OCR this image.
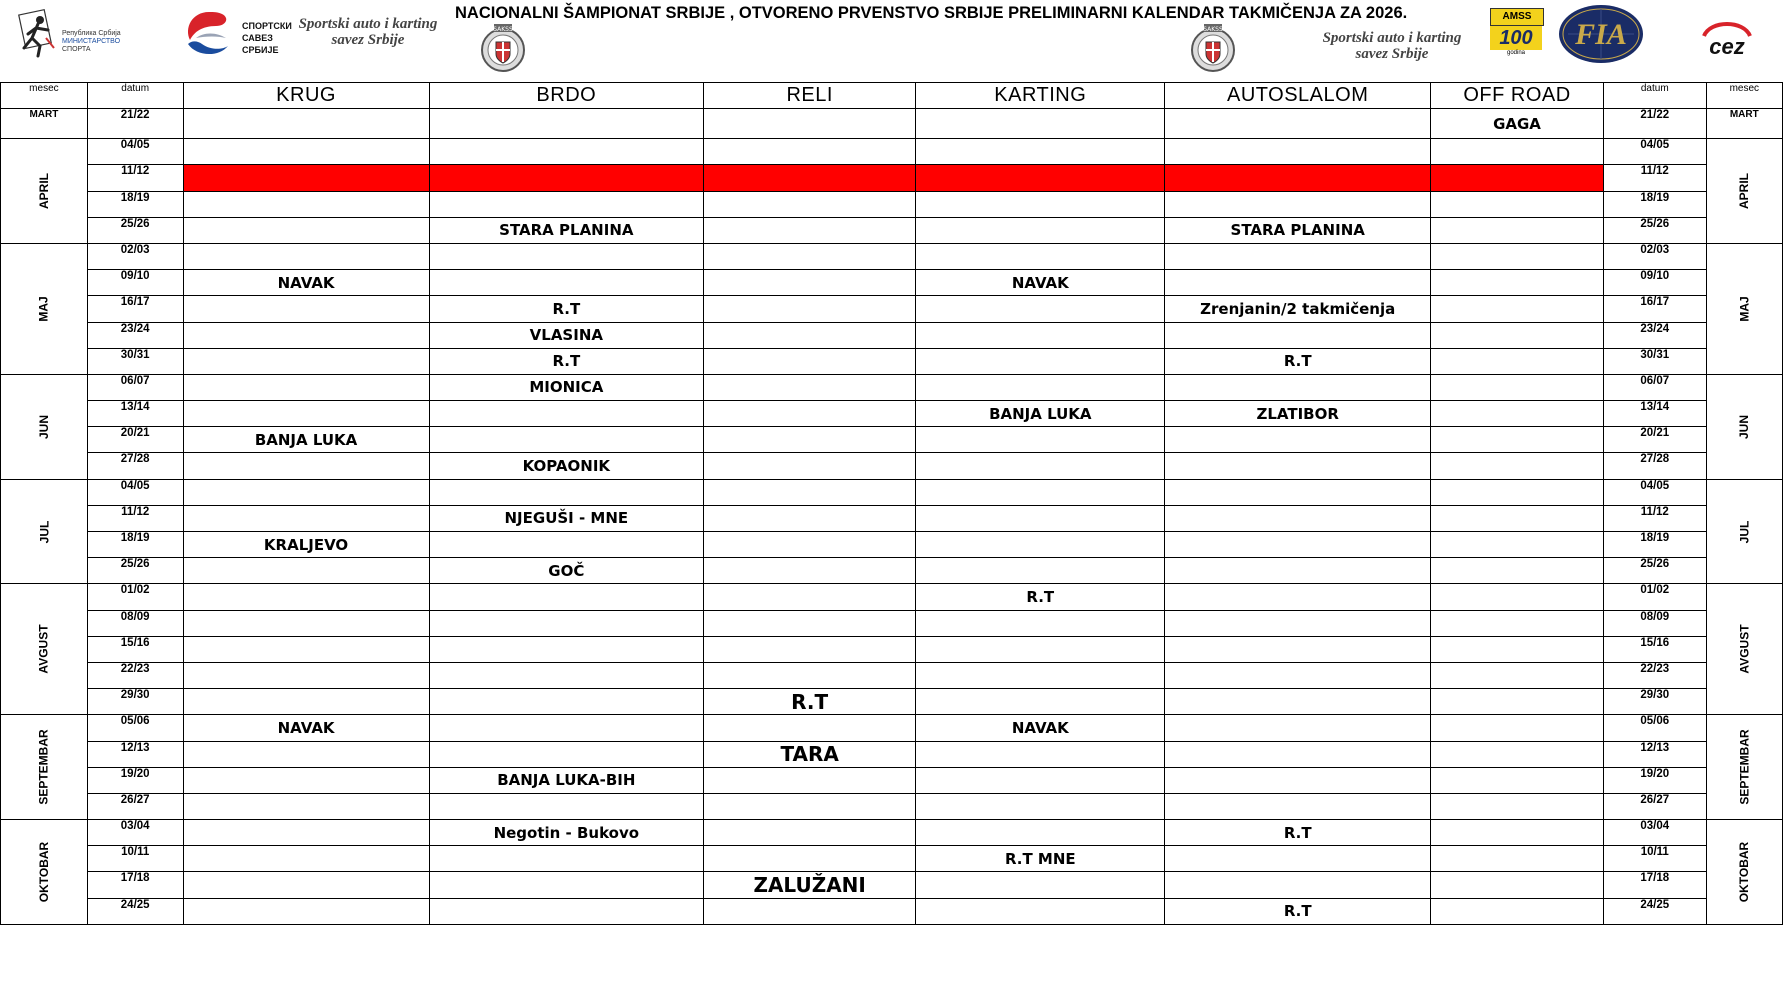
Република Србија
МИНИСТАРСТВО
СПОРТА
СПОРТСКИ
САВЕЗ
СРБИЈЕ
Sportski auto i karting
savez Srbije
SAKSS
NACIONALNI ŠAMPIONAT SRBIJE , OTVORENO PRVENSTVO SRBIJE PRELIMINARNI KALENDAR TAKMIČENJA ZA 2026.
SAKSS
Sportski auto i karting
savez Srbije
AMSS
100
godina
FIA	cez
mesec	datum	KRUG	BRDO	RELI	KARTING	AUTOSLALOM	OFF ROAD	datum	mesec
MART	21/22						GAGA	21/22	MART
APRIL	04/05							04/05	APRIL
	11/12							11/12	
	18/19							18/19	
	25/26		STARA PLANINA			STARA PLANINA		25/26	
MAJ	02/03							02/03	MAJ
	09/10	NAVAK			NAVAK			09/10	
	16/17		R.T			Zrenjanin/2 takmičenja		16/17	
	23/24		VLASINA					23/24	
	30/31		R.T			R.T		30/31	
JUN	06/07		MIONICA					06/07	JUN
	13/14				BANJA LUKA	ZLATIBOR		13/14	
	20/21	BANJA LUKA						20/21	
	27/28		KOPAONIK					27/28	
JUL	04/05							04/05	JUL
	11/12		NJEGUŠI - MNE					11/12	
	18/19	KRALJEVO						18/19	
	25/26		GOČ					25/26	
AVGUST	01/02				R.T			01/02	AVGUST
	08/09							08/09	
	15/16							15/16	
	22/23							22/23	
	29/30			R.T				29/30	
SEPTEMBAR	05/06	NAVAK			NAVAK			05/06	SEPTEMBAR
	12/13			TARA				12/13	
	19/20		BANJA LUKA-BIH					19/20	
	26/27							26/27	
OKTOBAR	03/04		Negotin - Bukovo			R.T		03/04	OKTOBAR
	10/11				R.T MNE			10/11	
	17/18			ZALUŽANI				17/18	
	24/25					R.T		24/25	
